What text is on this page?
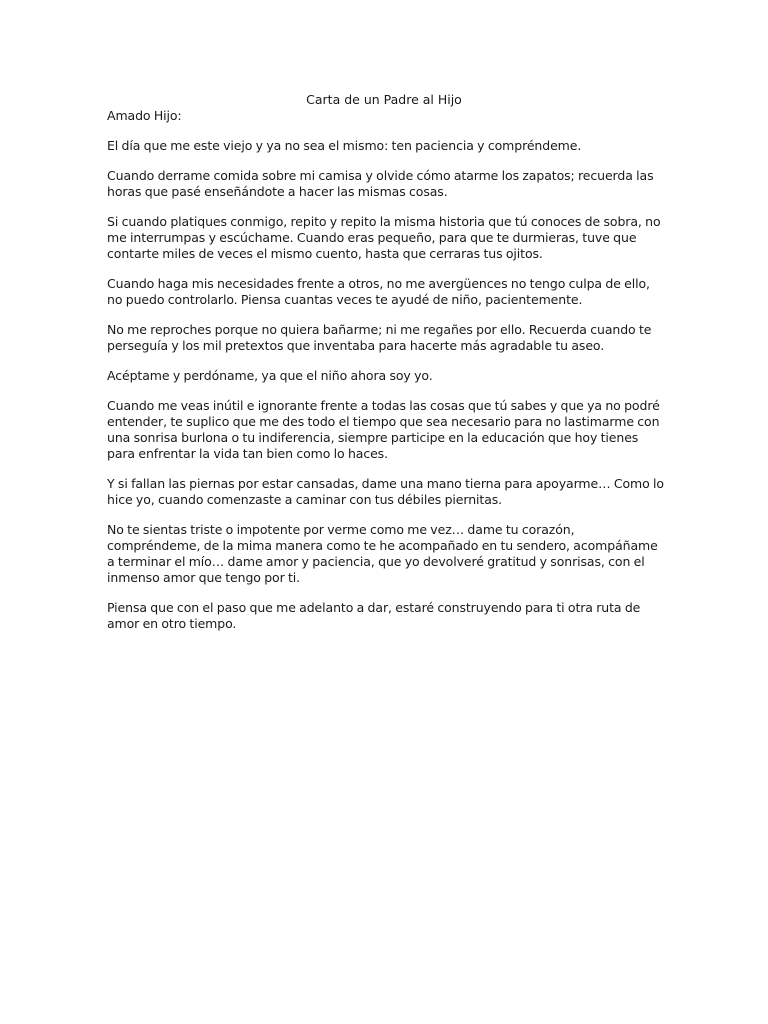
Carta de un Padre al Hijo

Amado Hijo:

El día que me este viejo y ya no sea el mismo: ten paciencia y compréndeme.

Cuando derrame comida sobre mi camisa y olvide cómo atarme los zapatos; recuerda las horas que pasé enseñándote a hacer las mismas cosas.

Si cuando platiques conmigo, repito y repito la misma historia que tú conoces de sobra, no me interrumpas y escúchame. Cuando eras pequeño, para que te durmieras, tuve que contarte miles de veces el mismo cuento, hasta que cerraras tus ojitos.

Cuando haga mis necesidades frente a otros, no me avergüences no tengo culpa de ello, no puedo controlarlo. Piensa cuantas veces te ayudé de niño, pacientemente.

No me reproches porque no quiera bañarme; ni me regañes por ello. Recuerda cuando te perseguía y los mil pretextos que inventaba para hacerte más agradable tu aseo.

Acéptame y perdóname, ya que el niño ahora soy yo.

Cuando me veas inútil e ignorante frente a todas las cosas que tú sabes y que ya no podré entender, te suplico que me des todo el tiempo que sea necesario para no lastimarme con una sonrisa burlona o tu indiferencia, siempre participe en la educación que hoy tienes para enfrentar la vida tan bien como lo haces.

Y si fallan las piernas por estar cansadas, dame una mano tierna para apoyarme… Como lo hice yo, cuando comenzaste a caminar con tus débiles piernitas.

No te sientas triste o impotente por verme como me vez… dame tu corazón, compréndeme, de la mima manera como te he acompañado en tu sendero, acompáñame a terminar el mío… dame amor y paciencia, que yo devolveré gratitud y sonrisas, con el inmenso amor que tengo por ti.

Piensa que con el paso que me adelanto a dar, estaré construyendo para ti otra ruta de amor en otro tiempo.
